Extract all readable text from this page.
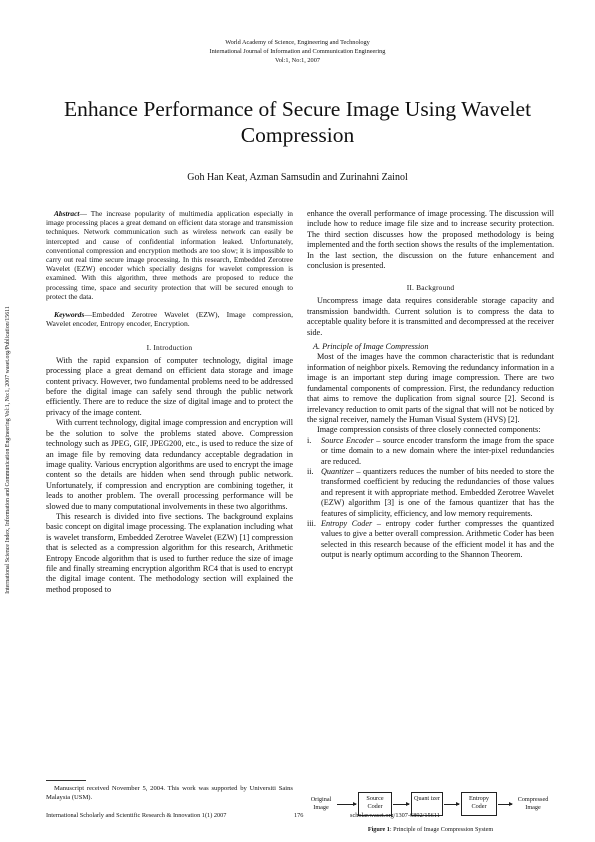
World Academy of Science, Engineering and Technology
International Journal of Information and Communication Engineering
Vol:1, No:1, 2007
International Science Index, Information and Communication Engineering Vol:1, No:1, 2007 waset.org/Publication/15611
Enhance Performance of Secure Image Using Wavelet Compression
Goh Han Keat, Azman Samsudin and Zurinahni Zainol

Abstract— The increase popularity of multimedia application especially in image processing places a great demand on efficient data storage and transmission techniques. Network communication such as wireless network can easily be intercepted and cause of confidential information leaked. Unfortunately, conventional compression and encryption methods are too slow; it is impossible to carry out real time secure image processing. In this research, Embedded Zerotree Wavelet (EZW) encoder which specially designs for wavelet compression is examined. With this algorithm, three methods are proposed to reduce the processing time, space and security protection that will be secured enough to protect the data.

Keywords—Embedded Zerotree Wavelet (EZW), Image compression, Wavelet encoder, Entropy encoder, Encryption.

I. Introduction

With the rapid expansion of computer technology, digital image processing place a great demand on efficient data storage and image content privacy. However, two fundamental problems need to be addressed before the digital image can safely send through the public network efficiently. There are to reduce the size of digital image and to protect the privacy of the image content.

With current technology, digital image compression and encryption will be the solution to solve the problems stated above. Compression technology such as JPEG, GIF, JPEG200, etc., is used to reduce the size of an image file by removing data redundancy acceptable degradation in image quality. Various encryption algorithms are used to encrypt the image content so the details are hidden when send through public network. Unfortunately, if compression and encryption are combining together, it leads to another problem. The overall processing performance will be slowed due to many computational involvements in these two algorithms.

This research is divided into five sections. The background explains basic concept on digital image processing. The explanation including what is wavelet transform, Embedded Zerotree Wavelet (EZW) [1] compression that is selected as a compression algorithm for this research, Arithmetic Entropy Encode algorithm that is used to further reduce the size of image file and finally streaming encryption algorithm RC4 that is used to encrypt the digital image content. The methodology section will explained the method proposed to

enhance the overall performance of image processing. The discussion will include how to reduce image file size and to increase security protection. The third section discusses how the proposed methodology is being implemented and the forth section shows the results of the implementation. In the last section, the discussion on the future enhancement and conclusion is presented.

II. Background

Uncompress image data requires considerable storage capacity and transmission bandwidth. Current solution is to compress the data to acceptable quality before it is transmitted and decompressed at the receiver side.

A. Principle of Image Compression

Most of the images have the common characteristic that is redundant information of neighbor pixels. Removing the redundancy information in a image is an important step during image compression. There are two fundamental components of compression. First, the redundancy reduction that aims to remove the duplication from signal source [2]. Second is irrelevancy reduction to omit parts of the signal that will not be noticed by the signal receiver, namely the Human Visual System (HVS) [2].

Image compression consists of three closely connected components:

i. Source Encoder – source encoder transform the image from the space or time domain to a new domain where the inter-pixel redundancies are reduced.
ii. Quantizer – quantizers reduces the number of bits needed to store the transformed coefficient by reducing the redundancies of those values and represent it with appropriate method. Embedded Zerotree Wavelet (EZW) algorithm [3] is one of the famous quantizer that has the features of simplicity, efficiency, and low memory requirements.
iii. Entropy Coder – entropy coder further compresses the quantized values to give a better overall compression. Arithmetic Coder has been selected in this research because of the efficient model it has and the output is nearly optimum according to the Shannon Theorem.

Manuscript received November 5, 2004. This work was supported by Universiti Sains Malaysia (USM).	Original Image
Source Coder
Quant izer	Entropy Coder
Compressed Image
Figure 1: Principle of Image Compression System
International Scholarly and Scientific Research & Innovation 1(1) 2007	176	scholar.waset.org/1307-6892/15611
